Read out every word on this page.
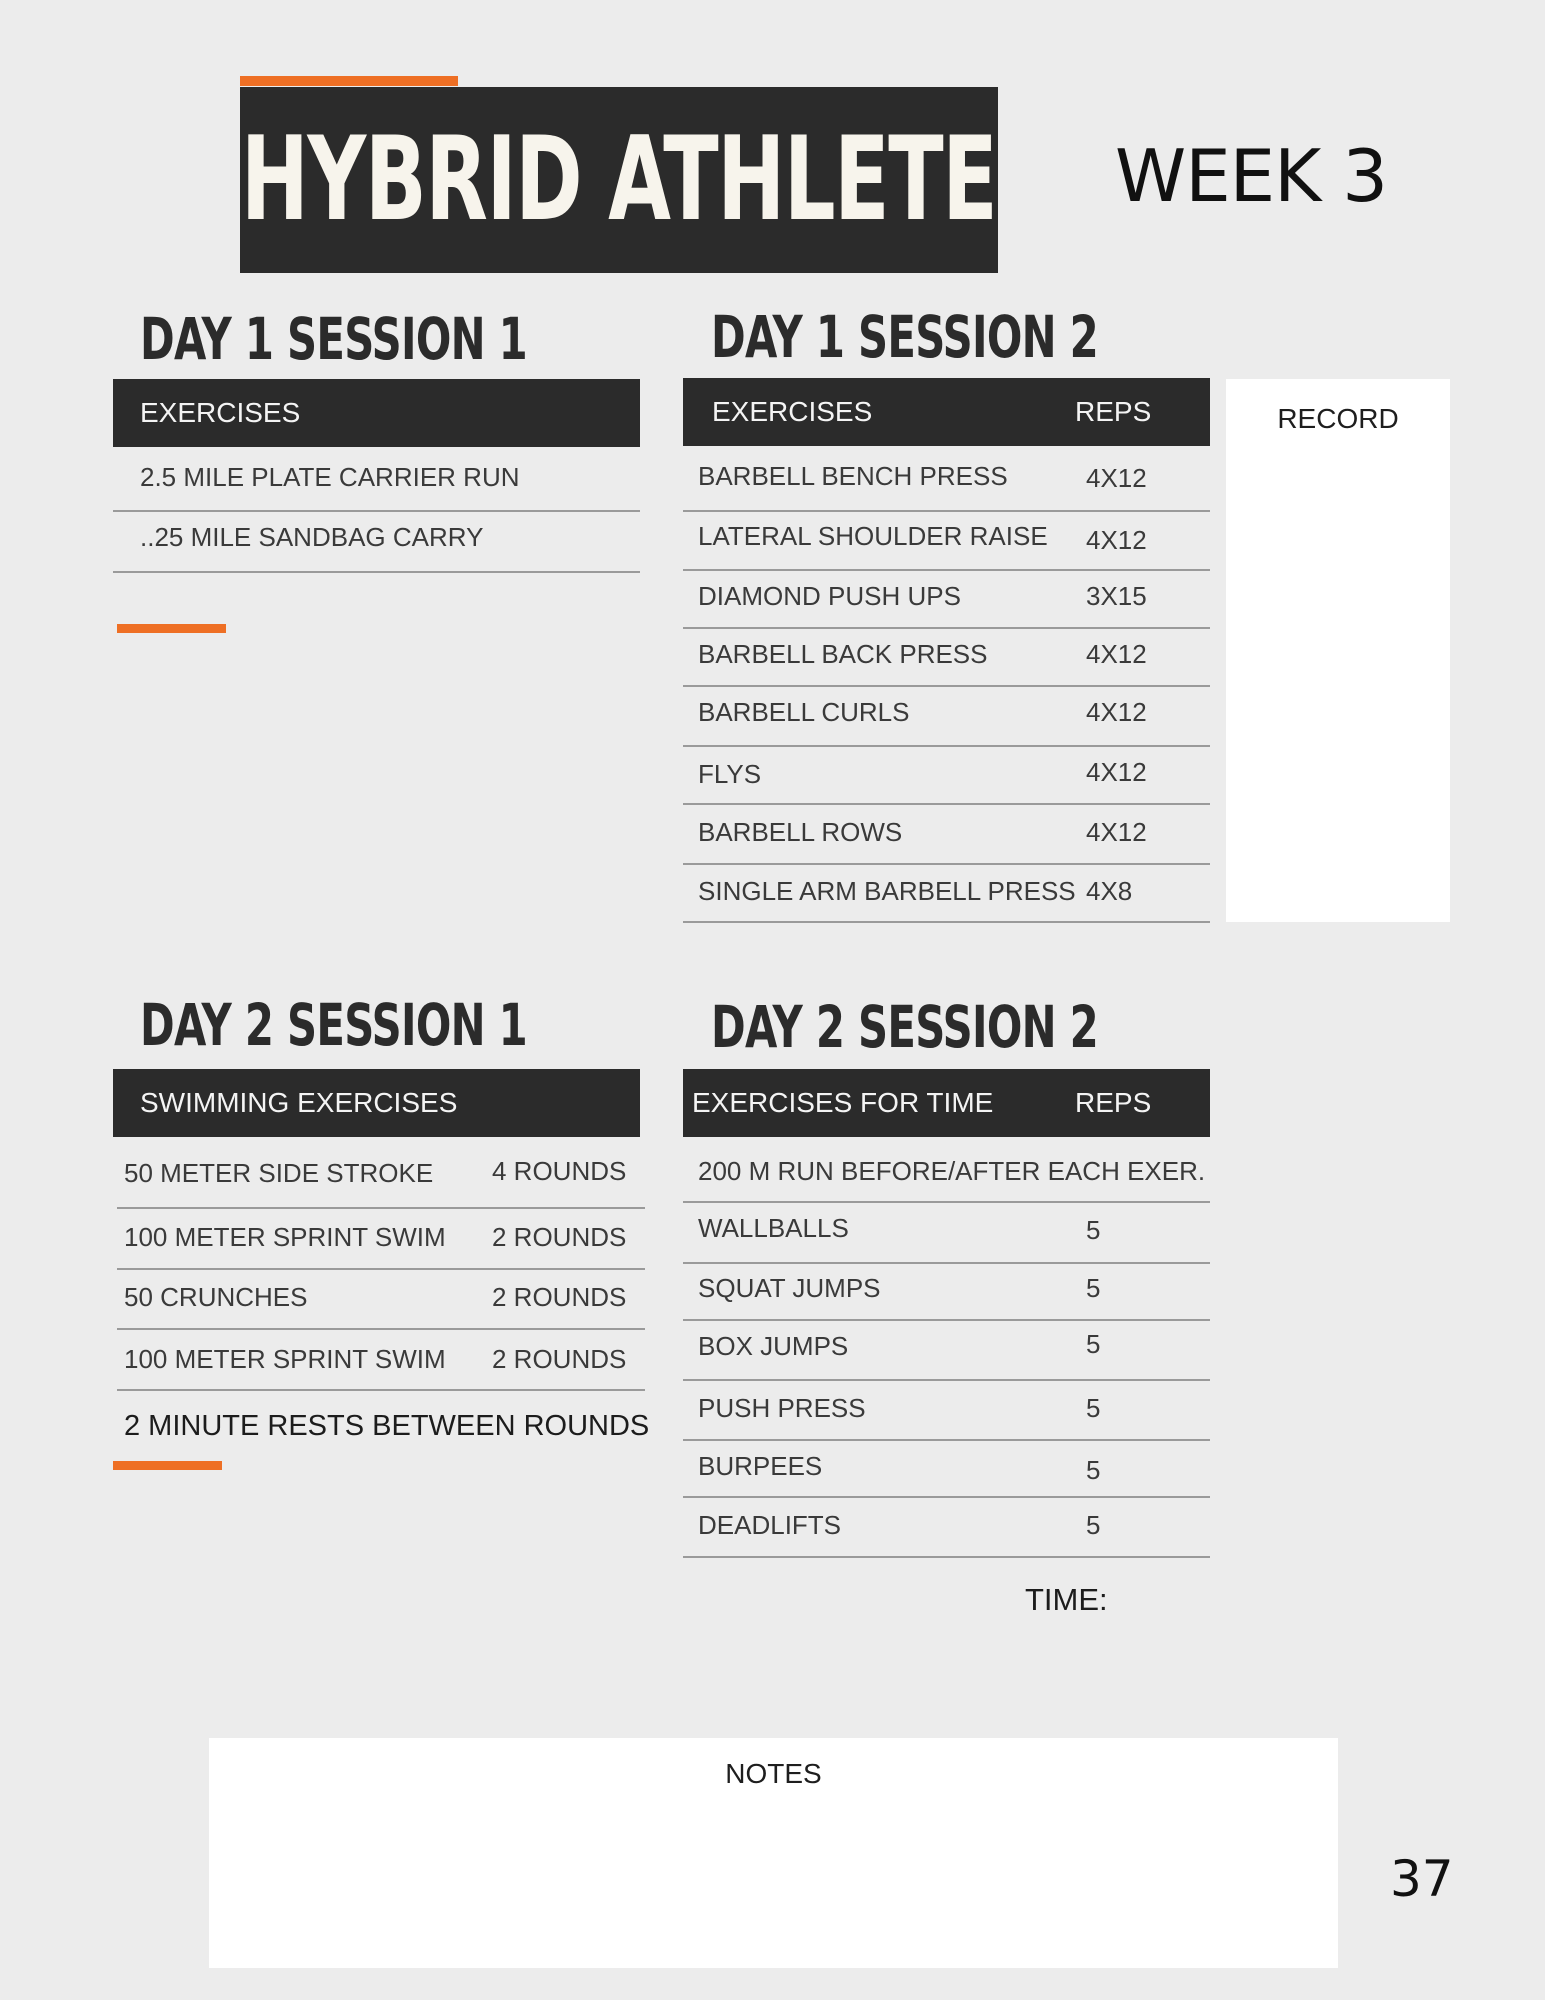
HYBRID ATHLETE WEEK 3
DAY 1 SESSION 1
EXERCISES
2.5 MILE PLATE CARRIER RUN
..25 MILE SANDBAG CARRY
DAY 1 SESSION 2
EXERCISES	REPS
BARBELL BENCH PRESS	4X12
LATERAL SHOULDER RAISE 4X12
DIAMOND PUSH UPS	3X15
BARBELL BACK PRESS	4X12
BARBELL CURLS	4X12
FLYS	4X12
BARBELL ROWS	4X12
SINGLE ARM BARBELL PRESS 4X8
RECORD
DAY 2 SESSION 1
SWIMMING EXERCISES
50 METER SIDE STROKE 4 ROUNDS
100 METER SPRINT SWIM 2 ROUNDS
50 CRUNCHES	2 ROUNDS
100 METER SPRINT SWIM 2 ROUNDS
2 MINUTE RESTS BETWEEN ROUNDS
DAY 2 SESSION 2
EXERCISES FOR TIME	REPS
200 M RUN BEFORE/AFTER EACH EXER.
WALLBALLS	5
SQUAT JUMPS	5
BOX JUMPS	5
PUSH PRESS	5
BURPEES	5
DEADLIFTS	5
TIME:
NOTES
37
